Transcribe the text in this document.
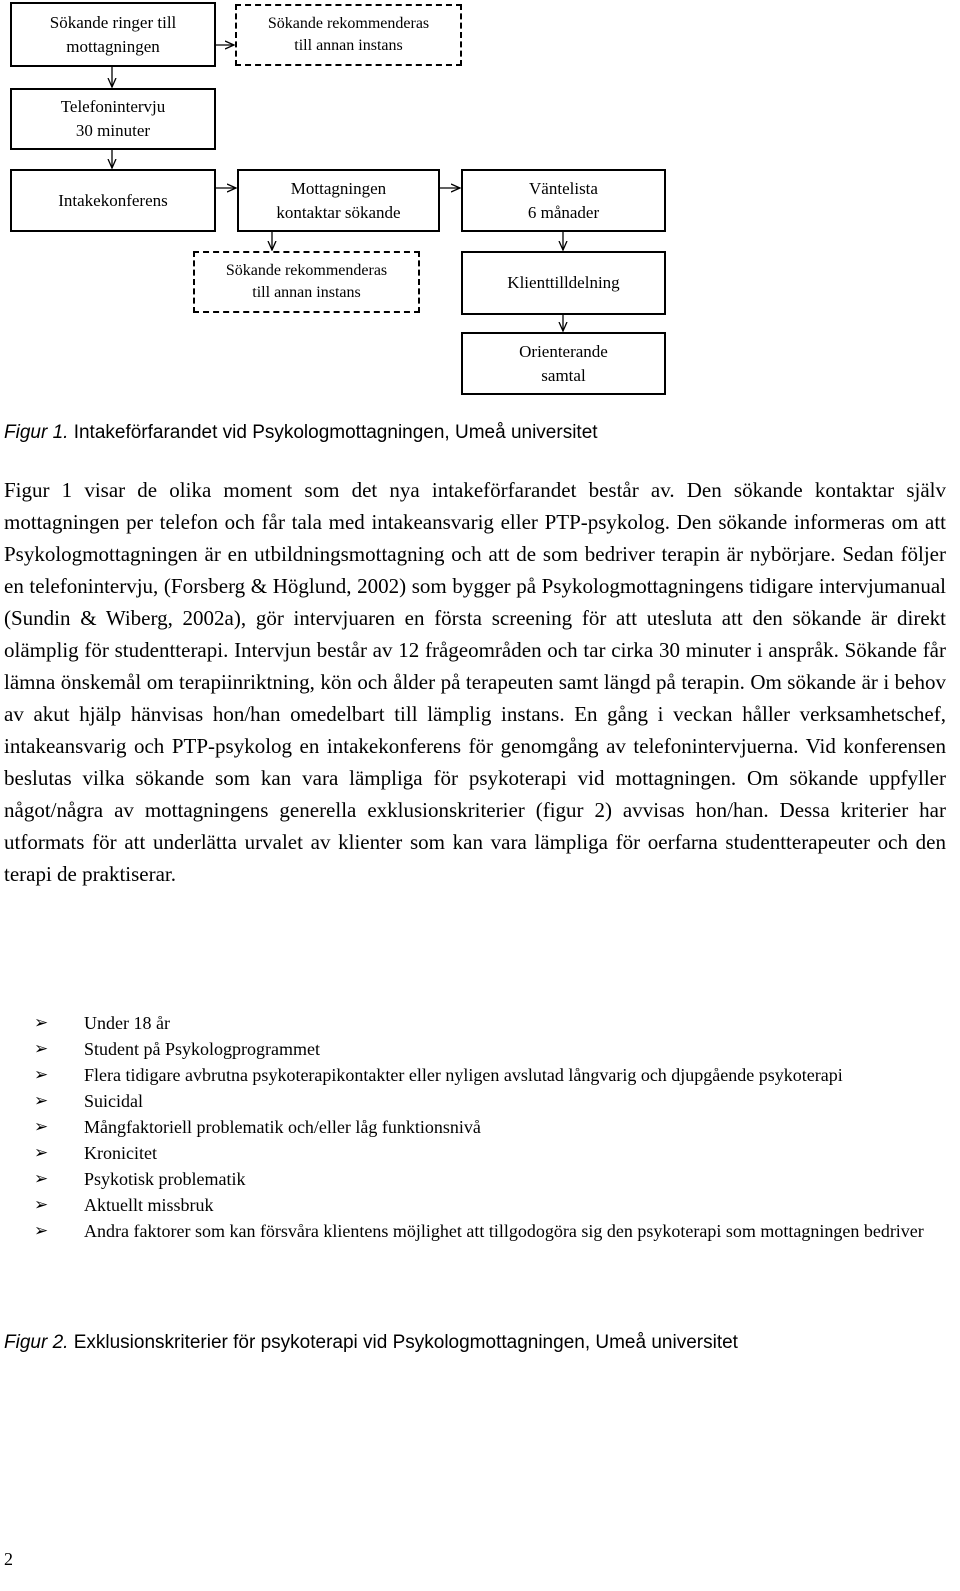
Sökande ringer till
mottagningen
Sökande rekommenderas
till annan instans
Telefonintervju
30 minuter
Intakekonferens
Mottagningen
kontaktar sökande
Väntelista
6 månader
Sökande rekommenderas
till annan instans
Klienttilldelning
Orienterande
samtal
Figur 1. Intakeförfarandet vid Psykologmottagningen, Umeå universitet

Figur 1 visar de olika moment som det nya intakeförfarandet består av. Den sökande kontaktar själv mottagningen per telefon och får tala med intakeansvarig eller PTP-psykolog. Den sökande informeras om att Psykologmottagningen är en utbildningsmottagning och att de som bedriver terapin är nybörjare. Sedan följer en telefonintervju, (Forsberg & Höglund, 2002) som bygger på Psykologmottagningens tidigare intervjumanual (Sundin & Wiberg, 2002a), gör intervjuaren en första screening för att utesluta att den sökande är direkt olämplig för studentterapi. Intervjun består av 12 frågeområden och tar cirka 30 minuter i anspråk. Sökande får lämna önskemål om terapiinriktning, kön och ålder på terapeuten samt längd på terapin. Om sökande är i behov av akut hjälp hänvisas hon/han omedelbart till lämplig instans. En gång i veckan håller verksamhetschef, intakeansvarig och PTP-psykolog en intakekonferens för genomgång av telefonintervjuerna. Vid konferensen beslutas vilka sökande som kan vara lämpliga för psykoterapi vid mottagningen. Om sökande uppfyller något/några av mottagningens generella exklusionskriterier (figur 2) avvisas hon/han. Dessa kriterier har utformats för att underlätta urvalet av klienter som kan vara lämpliga för oerfarna studentterapeuter och den terapi de praktiserar.

➢ Under 18 år
➢ Student på Psykologprogrammet
➢ Flera tidigare avbrutna psykoterapikontakter eller nyligen avslutad långvarig och djupgående psykoterapi
➢ Suicidal
➢ Mångfaktoriell problematik och/eller låg funktionsnivå
➢ Kronicitet
➢ Psykotisk problematik
➢ Aktuellt missbruk
➢ Andra faktorer som kan försvåra klientens möjlighet att tillgodogöra sig den psykoterapi som mottagningen bedriver
Figur 2. Exklusionskriterier för psykoterapi vid Psykologmottagningen, Umeå universitet
2
